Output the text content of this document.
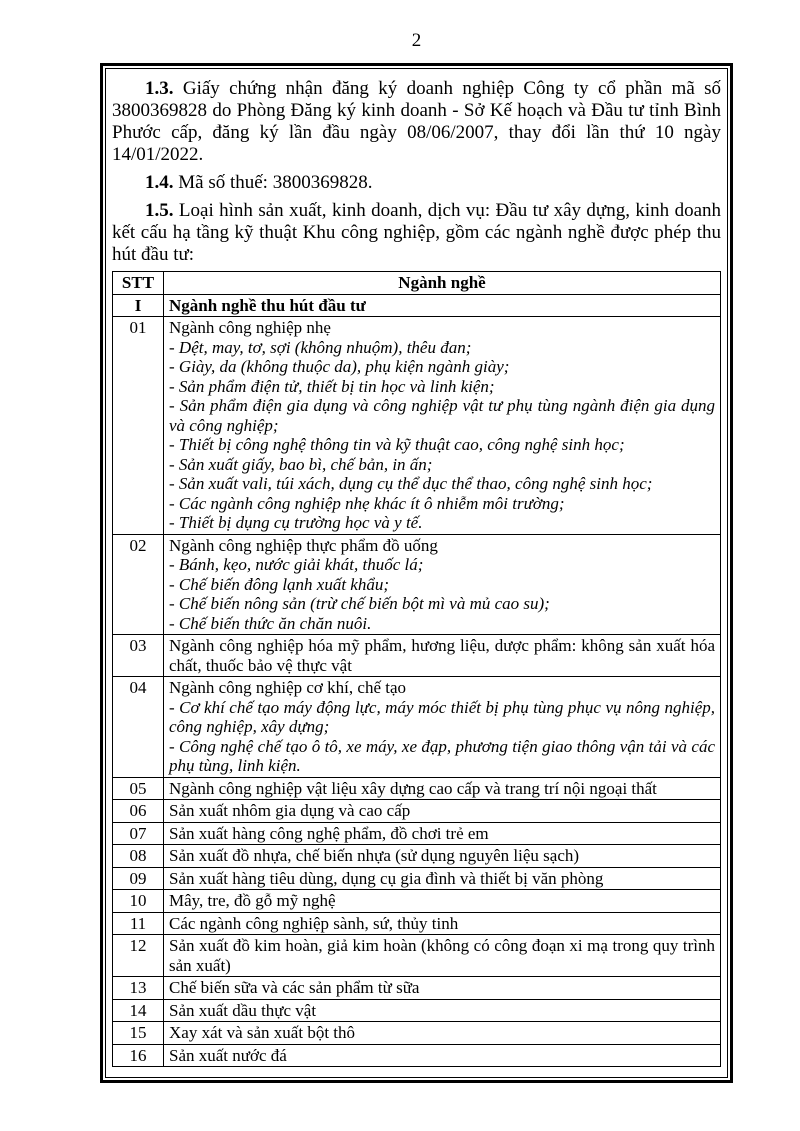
2

1.3. Giấy chứng nhận đăng ký doanh nghiệp Công ty cổ phần mã số 3800369828 do Phòng Đăng ký kinh doanh - Sở Kế hoạch và Đầu tư tỉnh Bình Phước cấp, đăng ký lần đầu ngày 08/06/2007, thay đổi lần thứ 10 ngày 14/01/2022.

1.4. Mã số thuế: 3800369828.

1.5. Loại hình sản xuất, kinh doanh, dịch vụ: Đầu tư xây dựng, kinh doanh kết cấu hạ tầng kỹ thuật Khu công nghiệp, gồm các ngành nghề được phép thu hút đầu tư:

STT	Ngành nghề
I	Ngành nghề thu hút đầu tư
01	Ngành công nghiệp nhẹ
- Dệt, may, tơ, sợi (không nhuộm), thêu đan;
- Giày, da (không thuộc da), phụ kiện ngành giày;
- Sản phẩm điện tử, thiết bị tin học và linh kiện;
- Sản phẩm điện gia dụng và công nghiệp vật tư phụ tùng ngành điện gia dụng và công nghiệp;
- Thiết bị công nghệ thông tin và kỹ thuật cao, công nghệ sinh học;
- Sản xuất giấy, bao bì, chế bản, in ấn;
- Sản xuất vali, túi xách, dụng cụ thể dục thể thao, công nghệ sinh học;
- Các ngành công nghiệp nhẹ khác ít ô nhiễm môi trường;
- Thiết bị dụng cụ trường học và y tế.

02	Ngành công nghiệp thực phẩm đồ uống
- Bánh, kẹo, nước giải khát, thuốc lá;
- Chế biến đông lạnh xuất khẩu;
- Chế biến nông sản (trừ chế biến bột mì và mủ cao su);
- Chế biến thức ăn chăn nuôi.

03	Ngành công nghiệp hóa mỹ phẩm, hương liệu, dược phẩm: không sản xuất hóa chất, thuốc bảo vệ thực vật

04	Ngành công nghiệp cơ khí, chế tạo
- Cơ khí chế tạo máy động lực, máy móc thiết bị phụ tùng phục vụ nông nghiệp, công nghiệp, xây dựng;
- Công nghệ chế tạo ô tô, xe máy, xe đạp, phương tiện giao thông vận tải và các phụ tùng, linh kiện.

05	Ngành công nghiệp vật liệu xây dựng cao cấp và trang trí nội ngoại thất

06	Sản xuất nhôm gia dụng và cao cấp

07	Sản xuất hàng công nghệ phẩm, đồ chơi trẻ em

08	Sản xuất đồ nhựa, chế biến nhựa (sử dụng nguyên liệu sạch)

09	Sản xuất hàng tiêu dùng, dụng cụ gia đình và thiết bị văn phòng

10	Mây, tre, đồ gỗ mỹ nghệ

11	Các ngành công nghiệp sành, sứ, thủy tinh

12	Sản xuất đồ kim hoàn, giả kim hoàn (không có công đoạn xi mạ trong quy trình sản xuất)

13	Chế biến sữa và các sản phẩm từ sữa

14	Sản xuất dầu thực vật

15	Xay xát và sản xuất bột thô

16	Sản xuất nước đá
